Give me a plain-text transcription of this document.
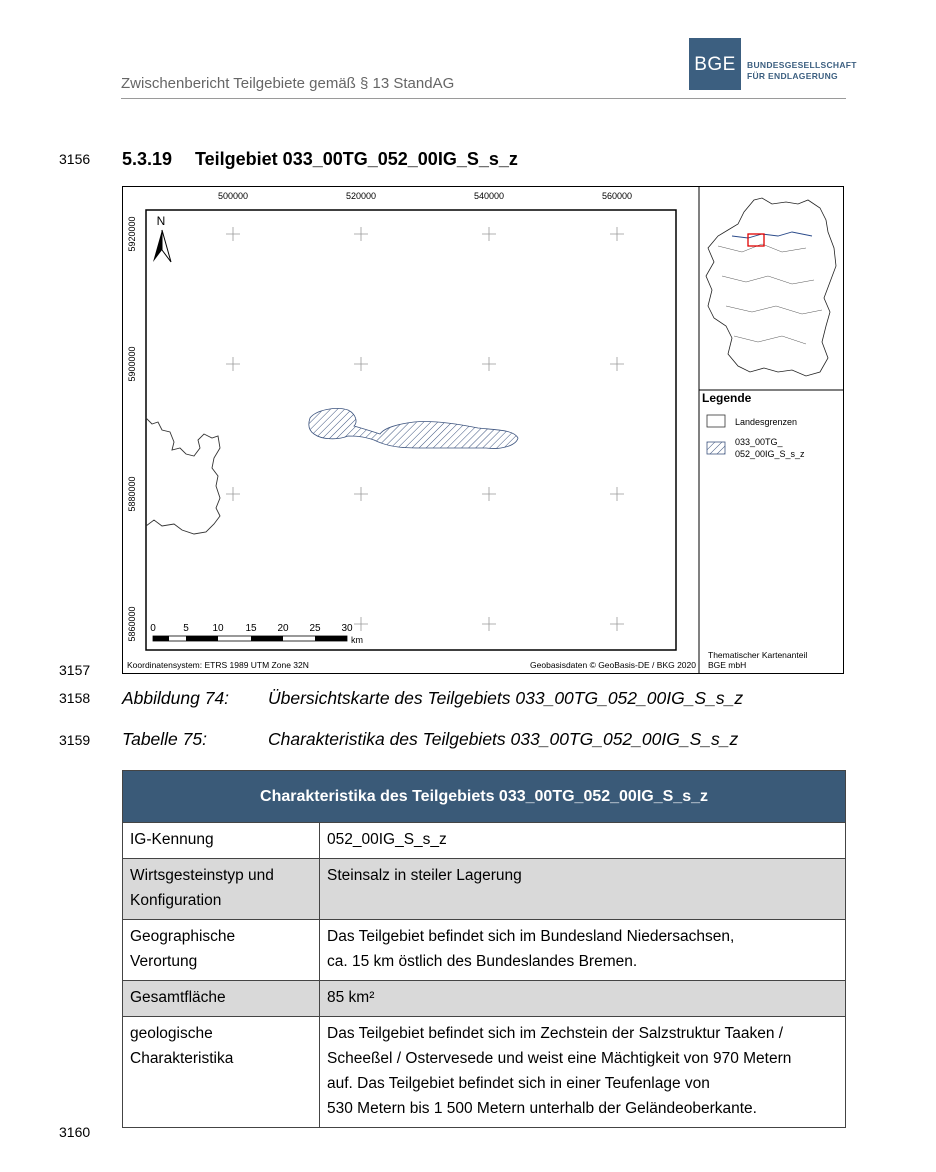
Zwischenbericht Teilgebiete gemäß § 13 StandAG
BGE BUNDESGESELLSCHAFT
FÜR ENDLAGERUNG
3156
3157
3158
3159
3160
5.3.19 Teilgebiet 033_00TG_052_00IG_S_s_z
500000	520000	540000	560000
5920000
5900000
5880000
5860000
N
0	5 10 15 20 25 30
km
Koordinatensystem: ETRS 1989 UTM Zone 32N	Geobasisdaten © GeoBasis-DE / BKG 2020
Legende
Landesgrenzen
033_00TG_
052_00IG_S_s_z
Thematischer Kartenanteil
BGE mbH
Abbildung 74: Übersichtskarte des Teilgebiets 033_00TG_052_00IG_S_s_z
Tabelle 75:	Charakteristika des Teilgebiets 033_00TG_052_00IG_S_s_z
Charakteristika des Teilgebiets 033_00TG_052_00IG_S_s_z	

IG-Kennung	052_00IG_S_s_z

Wirtsgesteinstyp und
Konfiguration	Steinsalz in steiler Lagerung

Geographische
Verortung	Das Teilgebiet befindet sich im Bundesland Niedersachsen,
ca. 15 km östlich des Bundeslandes Bremen.

Gesamtfläche	85 km²

geologische
Charakteristika	Das Teilgebiet befindet sich im Zechstein der Salzstruktur Taaken /
Scheeßel / Ostervesede und weist eine Mächtigkeit von 970 Metern
auf. Das Teilgebiet befindet sich in einer Teufenlage von
530 Metern bis 1 500 Metern unterhalb der Geländeoberkante.
